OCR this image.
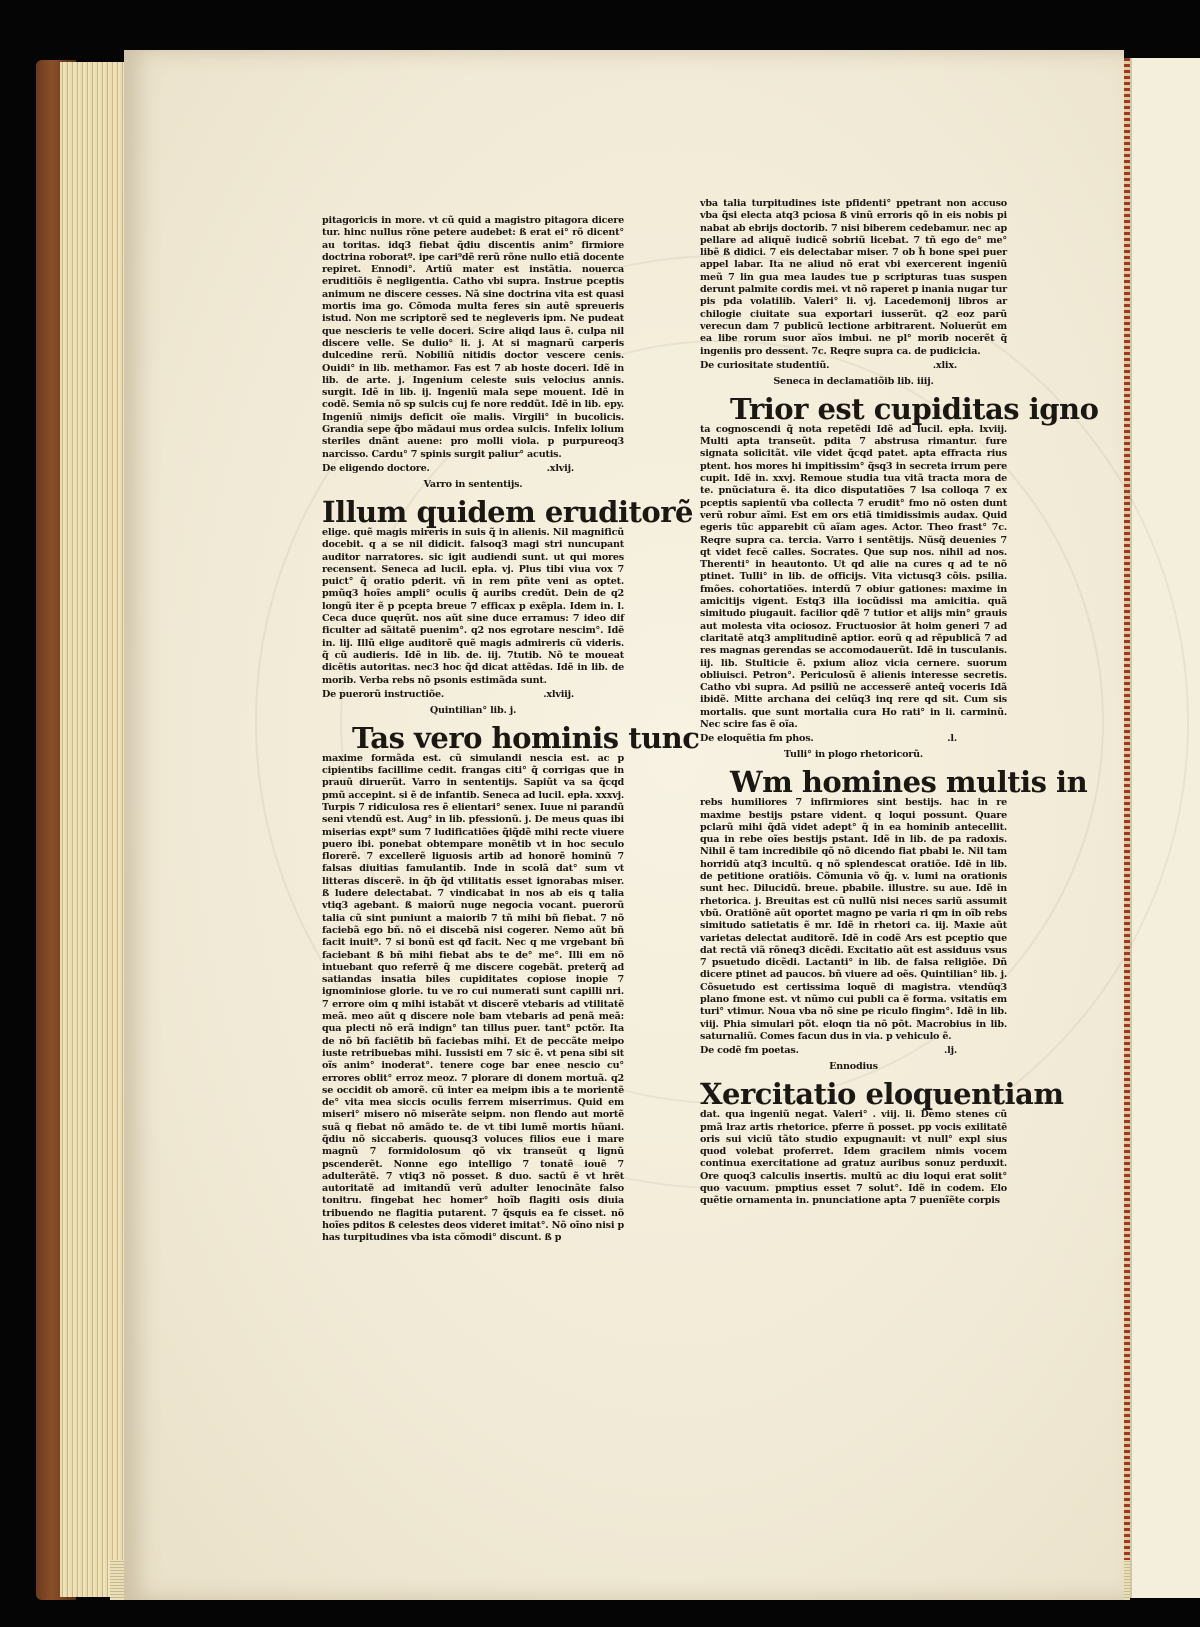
pitagoricis in more. vt cũ quid a magistro pitagora dicere tur. hinc nullus rõne petere audebet: ß erat ei° rõ dicent° au toritas. idq3 fiebat q̃diu discentis anim° firmiore doctrina roboratº. ipe cari⁹dẽ rerũ rõne nullo etiã docente repiret. Ennodi°. Artiũ mater est instãtia. nouerca eruditiõis ẽ negligentia. Catho vbi supra. Instrue pceptis animum ne discere cesses. Nã sine doctrina vita est quasi mortis ima go. Cõmoda multa feres sin autẽ spreueris istud. Non me scriptorẽ sed te negleveris ipm. Ne pudeat que nescieris te velle doceri. Scire aliqd laus ẽ. culpa nil discere velle. Se dulio° li. j. At si magnarũ carperis dulcedine rerũ. Nobiliũ nitidis doctor vescere cenis. Ouidi° in lib. methamor. Fas est 7 ab hoste doceri. Idẽ in lib. de arte. j. Ingenium celeste suis velocius annis. surgit. Idẽ in lib. ij. Ingeniũ mala sepe mouent. Idẽ in codẽ. Semia nõ sp sulcis cuj fe nore reddũt. Idẽ in lib. epy. Ingeniũ nimijs deficit oĩe malis. Virgili° in bucolicis. Grandia sepe q̃bo mãdaui mus ordea sulcis. Infelix lolium steriles dnãnt auene: pro molli viola. p purpureoq3 narcisso. Cardu° 7 spinis surgit paliur° acutis.

De eligendo doctore.	.xlvij.
Varro in sententijs.
Illum quidem eruditorẽ

elige. quẽ magis mireris in suis q̃ in alienis. Nil magnificũ docebit. q a se nil didicit. falsoq3 magi stri nuncupant auditor narratores. sic igit audiendi sunt. ut qui mores recensent. Seneca ad lucil. epła. vj. Plus tibi viua vox 7 puict° q̃ oratio pderit. vñ in rem pñte veni as optet. pmũq3 hoĩes ampli° oculis q̃ auribs credũt. Dein de q2 longũ iter ẽ p pcepta breue 7 efficax p exẽpla. Idem in. l. Ceca duce quęrũt. nos aũt sine duce erramus: 7 ideo dif ficulter ad sãitatẽ puenim°. q2 nos egrotare nescim°. Idẽ in. lij. Illũ elige auditorẽ quẽ magis admireris cũ videris. q̃ cũ audieris. Idẽ in lib. de. iij. 7tutib. Nõ te moueat dicẽtis autoritas. nec3 hoc q̃d dicat attẽdas. Idẽ in lib. de morib. Verba rebs nõ psonis estimãda sunt.

De puerorũ instructiõe.	.xlviij.
Quintilian° lib. j.
Tas vero hominis tunc

maxime formãda est. cũ simulandi nescia est. ac p cipientibs facillime cedit. frangas citi° q̃ corrigas que in prauũ diruerũt. Varro in sententijs. Sapiũt va sa q̃cqd pmũ accepint. si ẽ de infantib. Seneca ad lucil. epła. xxxvj. Turpis 7 ridiculosa res ẽ elientari° senex. Iuue ni parandũ seni vtendũ est. Aug° in lib. pfessionũ. j. De meus quas ibi miserias expt⁹ sum 7 ludificatiões q̃iq̃dẽ mihi recte viuere puero ibi. ponebat obtempare monẽtib vt in hoc seculo florerẽ. 7 excellerẽ liguosis artib ad honorẽ hominũ 7 falsas diuitias famulantib. Inde in scolã dat° sum vt litteras discerẽ. in q̃b q̃d vtilitatis esset ignorabas miser. ß ludere delectabat. 7 vindicabat in nos ab eis q talia vtiq3 agebant. ß maiorũ nuge negocia vocant. puerorũ talia cũ sint puniunt a maiorib 7 tñ mihi bñ fiebat. 7 nõ faciebã ego bñ. nõ ei discebã nisi cogerer. Nemo aũt bñ facit inuit⁹. 7 si bonũ est qđ facit. Nec q me vrgebant bñ faciebant ß bñ mihi fiebat abs te de° me°. Illi em nõ intuebant quo referrẽ q̃ me discere cogebãt. preterq̃ ad satiandas insatia biles cupiditates copiose inopie 7 ignominiose glorie. tu ve ro cui numerati sunt capilli nri. 7 errore oim q mihi istabãt vt discerẽ vtebaris ad vtilitatẽ meã. meo aũt q discere nole bam vtebaris ad penã meã: qua plecti nõ erã indign° tan tillus puer. tant° pctõr. Ita de nõ bñ faciẽtib bñ faciebas mihi. Et de peccãte meipo iuste retribuebas mihi. Iussisti em 7 sic ẽ. vt pena sibi sit oĩs anim° inoderat°. tenere coge bar enee nescio cu° errores oblit° erroz meoz. 7 plorare di donem mortuã. q2 se occidit ob amorẽ. cũ inter ea meipm ibis a te morientẽ de° vita mea siccis oculis ferrem miserrimus. Quid em miseri° misero nõ miserãte seipm. non flendo aut mortẽ suã q fiebat nõ amãdo te. de vt tibi lumẽ mortis hũani. q̃diu nõ siccaberis. quousq3 voluces filios eue i mare magnũ 7 formidolosum qõ vix transeũt q lignũ pscenderẽt. Nonne ego intelligo 7 tonatẽ iouẽ 7 adulterãtẽ. 7 vtiq3 nõ posset. ß duo. sactũ ẽ vt hrẽt autoritatẽ ad imitandũ verũ adulter lenocinãte falso tonitru. fingebat hec homer° hoĩb flagiti osis diuia tribuendo ne flagitia putarent. 7 q̃squis ea fe cisset. nõ hoĩes pditos ß celestes deos videret imitat°. Nõ oĩno nisi p has turpitudines vba ista cõmodi° discunt. ß p

vba talia turpitudines iste pfidenti° ppetrant non accuso vba q̃si electa atq3 pciosa ß vinũ erroris qõ in eis nobis pi nabat ab ebrijs doctorib. 7 nisi biberem cedebamur. nec ap pellare ad aliquẽ iudicẽ sobriũ licebat. 7 tñ ego de° me° libẽ ß didici. 7 eis delectabar miser. 7 ob h̃ bone spei puer appel labar. Ita ne aliud nõ erat vbi exercerent ingeniũ meũ 7 lin gua mea laudes tue p scripturas tuas suspen derunt palmite cordis mei. vt nõ raperet p inania nugar tur pis pda volatilib. Valeri° li. vj. Lacedemonij libros ar chilogie ciuitate sua exportari iusserũt. q2 eoz parũ verecun dam 7 publicũ lectione arbitrarent. Noluerũt em ea libe rorum suor aĩos imbui. ne pl° morib nocerẽt q̃ ingeniis pro dessent. 7c. Reqre supra ca. de pudicicia.

De curiositate studentiũ.	.xlix.
Seneca in declamatiõib lib. iiij.
Trior est cupiditas igno

ta cognoscendi q̃ nota repetẽdi Idẽ ad lucil. epła. lxviij. Multi apta transeũt. pdita 7 abstrusa rimantur. fure signata solicitãt. vile videt q̃cqd patet. apta effracta rius ptent. hos mores hi impitissim° q̃sq3 in secreta irrum pere cupit. Idẽ in. xxvj. Remoue studia tua vitã tracta mora de te. pnũciatura ẽ. ita dico disputatiões 7 lsa colloqa 7 ex pceptis sapientũ vba collecta 7 erudit° fmo nõ osten dunt verũ robur aĩmi. Est em ors etiã timidissimis audax. Quid egeris tũc apparebit cũ aĩam ages. Actor. Theo frast° 7c. Reqre supra ca. tercia. Varro i sentẽtijs. Nũsq̃ deuenies 7 qt videt fecẽ calles. Socrates. Que sup nos. nihil ad nos. Therenti° in heautonto. Ut qd alie na cures q ad te nõ ptinet. Tulli° in lib. de officijs. Vita victusq3 cõis. psilia. fmões. cohortatiões. interdũ 7 obiur gationes: maxime in amicitijs vigent. Estq3 illa iocũdissi ma amicitia. quã simitudo piugauit. facilior qdẽ 7 tutior et alijs min° grauis aut molesta vita ociosoz. Fructuosior ãt hoim generi 7 ad claritatẽ atq3 amplitudinẽ aptior. eorũ q ad rẽpublicã 7 ad res magnas gerendas se accomodauerũt. Idẽ in tusculanis. iij. lib. Stulticie ẽ. pxium alioz vicia cernere. suorum obliuisci. Petron°. Periculosũ ẽ alienis interesse secretis. Catho vbi supra. Ad psiliũ ne accesserẽ anteq̃ voceris Idã ibidẽ. Mitte archana dei celũq3 inq rere qd sit. Cum sis mortalis. que sunt mortalia cura Ho rati° in li. carminũ. Nec scire fas ẽ oĩa.

De eloquẽtia fm phos.	.l.
Tulli° in plogo rhetoricorũ.
Wm homines multis in

rebs humiliores 7 infirmiores sint bestijs. hac in re maxime bestijs pstare vident. q loqui possunt. Quare pclarũ mihi q̃dã videt adept° q̃ in ea hominib antecellit. qua in rebe oĩes bestijs pstant. Idẽ in lib. de pa radoxis. Nihil ẽ tam incredibile qõ nõ dicendo fiat pbabi le. Nil tam horridũ atq3 incultũ. q nõ splendescat oratiõe. Idẽ in lib. de petitione oratiõis. Cõmunia võ q̃ȷ. v. lumi na orationis sunt hec. Dilucidũ. breue. pbabile. illustre. su aue. Idẽ in rhetorica. j. Breuitas est cũ nullũ nisi neces sariũ assumit vbũ. Oratiõnẽ aũt oportet magno pe varia ri qm in oĩb rebs simitudo satietatis ẽ mr. Idẽ in rhetori ca. iij. Maxie aũt varietas delectat auditorẽ. Idẽ in codẽ Ars est pceptio que dat rectã viã rõneq3 dicẽdi. Excitatio aũt est assiduus vsus 7 psuetudo dicẽdi. Lactanti° in lib. de falsa religiõe. Dñ dicere ptinet ad paucos. bñ viuere ad oẽs. Quintilian° lib. j. Cõsuetudo est certissima loquẽ di magistra. vtendũq3 plano fmone est. vt nũmo cui publi ca ẽ forma. vsitatis em turi° vtimur. Noua vba nõ sine pe riculo fingim°. Idẽ in lib. viij. Phia simulari põt. eloqn tia nõ põt. Macrobius in lib. saturnaliũ. Comes facun dus in via. p vehiculo ẽ.

De codẽ fm poetas.	.lj.
Ennodius
Xercitatio eloquentiam

dat. qua ingeniũ negat. Valeri° . viij. li. Demo stenes cũ pmã lraz artis rhetorice. pferre ñ posset. pp vocis exilitatẽ oris sui viciũ tãto studio expugnauit: vt null° expl sius quod volebat proferret. Idem gracilem nimis vocem continua exercitatione ad gratuz auribus sonuz perduxit. Ore quoq3 calculis insertis. multũ ac diu loqui erat solit° quo vacuum. pmptius esset 7 solut°. Idẽ in codem. Elo quẽtie ornamenta in. pnunciatione apta 7 puenĩẽte corpis
